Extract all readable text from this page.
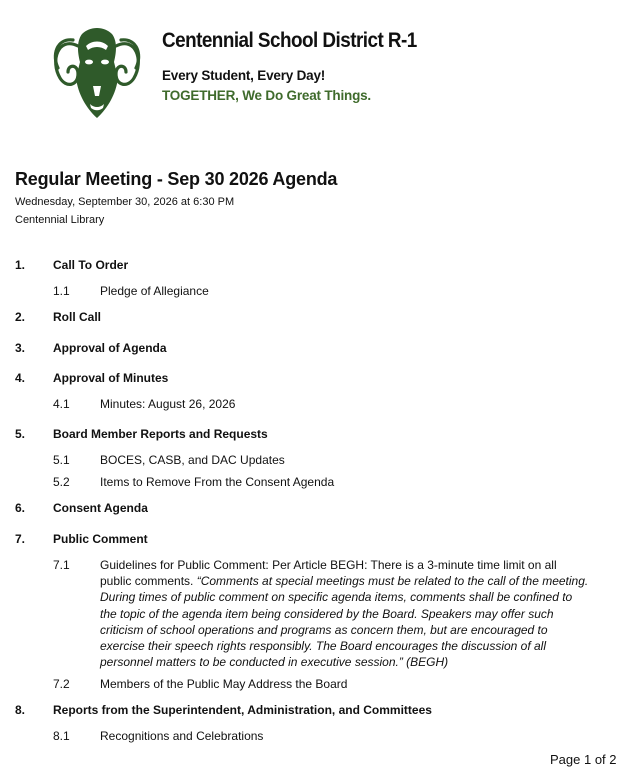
Centennial School District R-1
Every Student, Every Day!
TOGETHER, We Do Great Things.
Regular Meeting - Sep 30 2026 Agenda
Wednesday, September 30, 2026 at 6:30 PM
Centennial Library
1. Call To Order
1.1	Pledge of Allegiance
2. Roll Call
3. Approval of Agenda
4. Approval of Minutes
4.1	Minutes: August 26, 2026
5. Board Member Reports and Requests
5.1	BOCES, CASB, and DAC Updates
5.2	Items to Remove From the Consent Agenda
6. Consent Agenda
7. Public Comment
7.1	Guidelines for Public Comment: Per Article BEGH: There is a 3-minute time limit on all public comments. “Comments at special meetings must be related to the call of the meeting. During times of public comment on specific agenda items, comments shall be confined to the topic of the agenda item being considered by the Board. Speakers may offer such criticism of school operations and programs as concern them, but are encouraged to exercise their speech rights responsibly. The Board encourages the discussion of all personnel matters to be conducted in executive session.” (BEGH)
7.2	Members of the Public May Address the Board
8. Reports from the Superintendent, Administration, and Committees
8.1	Recognitions and Celebrations
Page 1 of 2
